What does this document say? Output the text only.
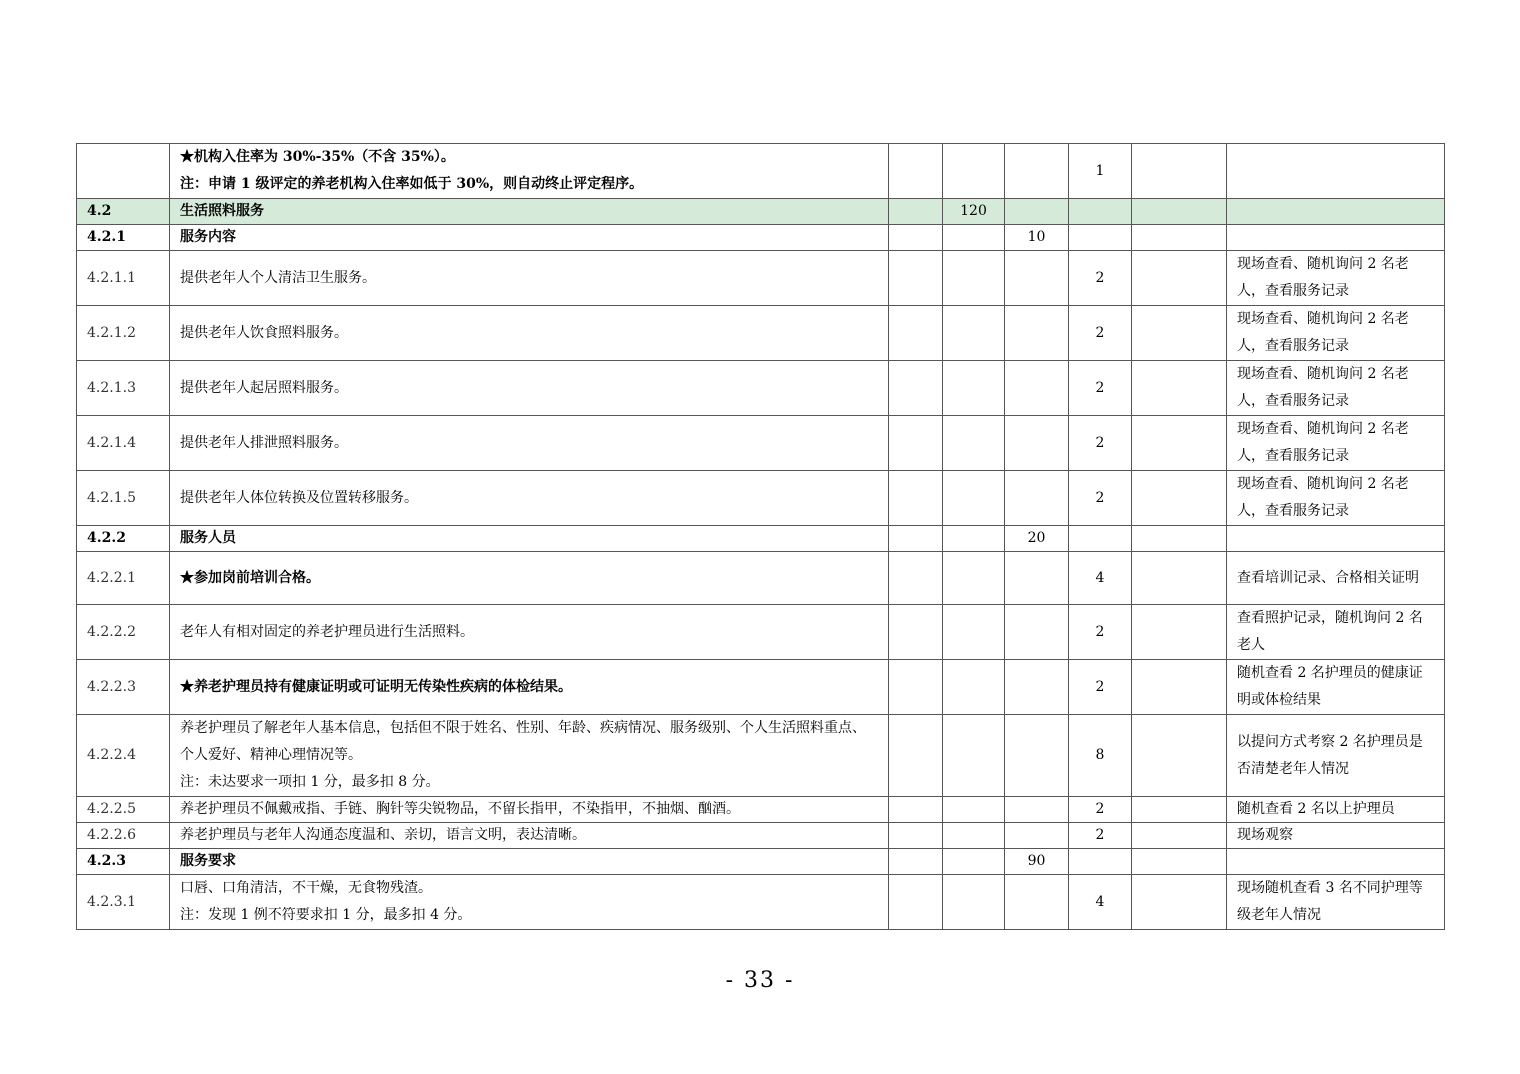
	★机构入住率为 30%-35%（不含 35%）。
注：申请 1 级评定的养老机构入住率如低于 30%，则自动终止评定程序。				1		
4.2	生活照料服务		120				
4.2.1	服务内容			10			
4.2.1.1	提供老年人个人清洁卫生服务。				2		现场查看、随机询问 2 名老人，查看服务记录
4.2.1.2	提供老年人饮食照料服务。				2		现场查看、随机询问 2 名老人，查看服务记录
4.2.1.3	提供老年人起居照料服务。				2		现场查看、随机询问 2 名老人，查看服务记录
4.2.1.4	提供老年人排泄照料服务。				2		现场查看、随机询问 2 名老人，查看服务记录
4.2.1.5	提供老年人体位转换及位置转移服务。				2		现场查看、随机询问 2 名老人，查看服务记录
4.2.2	服务人员			20			
4.2.2.1	★参加岗前培训合格。				4		查看培训记录、合格相关证明
4.2.2.2	老年人有相对固定的养老护理员进行生活照料。				2		查看照护记录，随机询问 2 名老人
4.2.2.3	★养老护理员持有健康证明或可证明无传染性疾病的体检结果。				2		随机查看 2 名护理员的健康证明或体检结果
4.2.2.4	养老护理员了解老年人基本信息，包括但不限于姓名、性别、年龄、疾病情况、服务级别、个人生活照料重点、个人爱好、精神心理情况等。
注：未达要求一项扣 1 分，最多扣 8 分。				8		以提问方式考察 2 名护理员是否清楚老年人情况
4.2.2.5	养老护理员不佩戴戒指、手链、胸针等尖锐物品，不留长指甲，不染指甲，不抽烟、酗酒。				2		随机查看 2 名以上护理员
4.2.2.6	养老护理员与老年人沟通态度温和、亲切，语言文明，表达清晰。				2		现场观察
4.2.3	服务要求			90			
4.2.3.1	口唇、口角清洁，不干燥，无食物残渣。
注：发现 1 例不符要求扣 1 分，最多扣 4 分。				4		现场随机查看 3 名不同护理等级老年人情况
- 33 -
